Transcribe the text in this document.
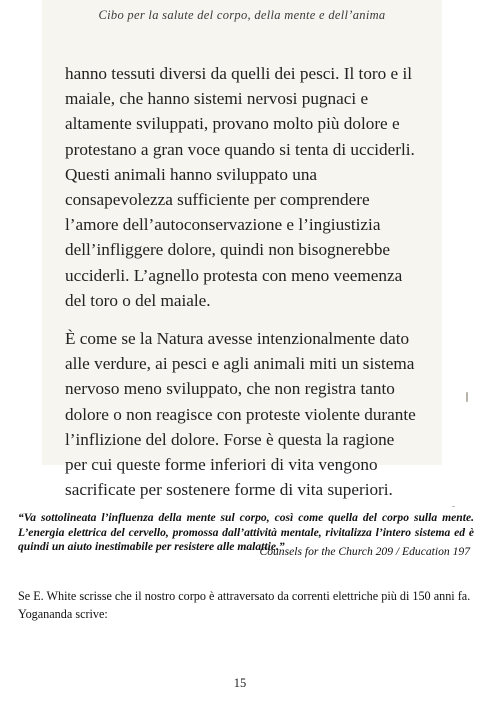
Cibo per la salute del corpo, della mente e dell’anima

hanno tessuti diversi da quelli dei pesci. Il toro e il maiale, che hanno sistemi nervosi pugnaci e altamente sviluppati, provano molto più dolore e protestano a gran voce quando si tenta di ucciderli. Questi animali hanno sviluppato una consapevolezza sufficiente per comprendere l’amore dell’autoconservazione e l’ingiustizia dell’infliggere dolore, quindi non bisognerebbe ucciderli. L’agnello protesta con meno veemenza del toro o del maiale.

È come se la Natura avesse intenzionalmente dato alle verdure, ai pesci e agli animali miti un sistema nervoso meno sviluppato, che non registra tanto dolore o non reagisce con proteste violente durante l’inflizione del dolore. Forse è questa la ragione per cui queste forme inferiori di vita vengono sacrificate per sostenere forme di vita superiori.

“Va sottolineata l’influenza della mente sul corpo, così come quella del corpo sulla mente. L’energia elettrica del cervello, promossa dall’attività mentale, rivitalizza l’intero sistema ed è quindi un aiuto inestimabile per resistere alle malattie.”
Counsels for the Church 209 / Education 197
Se E. White scrisse che il nostro corpo è attraversato da correnti elettriche più di 150 anni fa. Yogananda scrive:
15
